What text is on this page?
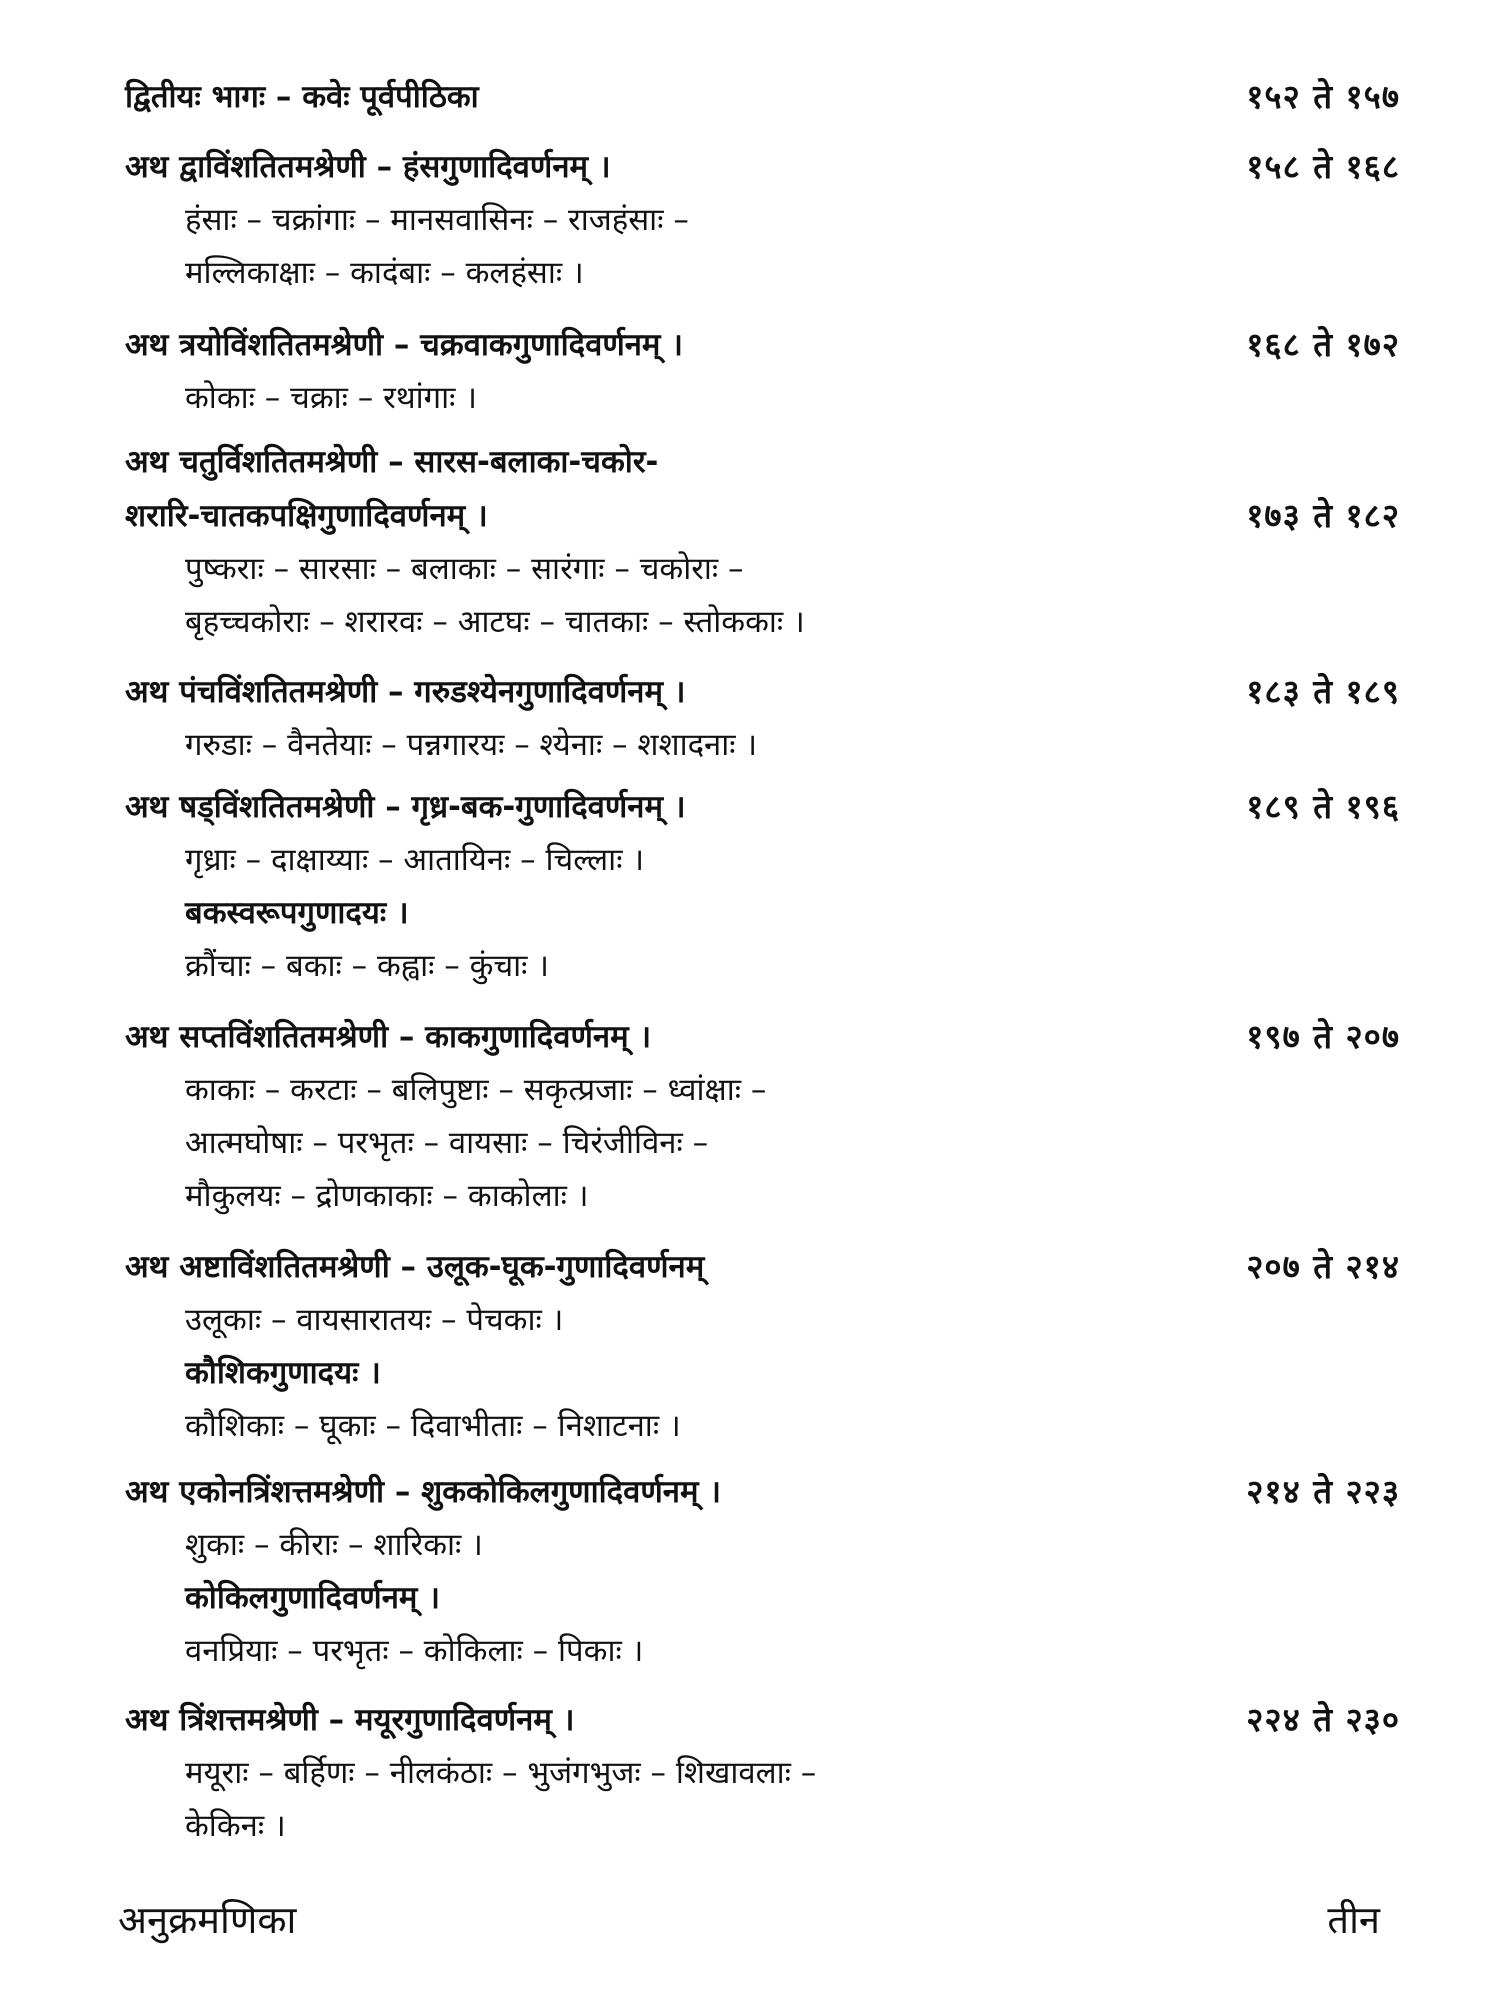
द्वितीयः भागः – कवेः पूर्वपीठिका	१५२ ते १५७
अथ द्वाविंशतितमश्रेणी – हंसगुणादिवर्णनम् ।	१५८ ते १६८
हंसाः – चक्रांगाः – मानसवासिनः – राजहंसाः –
मल्लिकाक्षाः – कादंबाः – कलहंसाः ।
अथ त्रयोविंशतितमश्रेणी – चक्रवाकगुणादिवर्णनम् ।	१६८ ते १७२
कोकाः – चक्राः – रथांगाः ।
अथ चतुर्विशतितमश्रेणी – सारस-बलाका-चकोर-
शरारि-चातकपक्षिगुणादिवर्णनम् ।	१७३ ते १८२
पुष्कराः – सारसाः – बलाकाः – सारंगाः – चकोराः –
बृहच्चकोराः – शरारवः – आटघः – चातकाः – स्तोककाः ।
अथ पंचविंशतितमश्रेणी – गरुडश्येनगुणादिवर्णनम् ।	१८३ ते १८९
गरुडाः – वैनतेयाः – पन्नगारयः – श्येनाः – शशादनाः ।
अथ षड्विंशतितमश्रेणी – गृध्र-बक-गुणादिवर्णनम् ।	१८९ ते १९६
गृध्राः – दाक्षाय्याः – आतायिनः – चिल्लाः ।
बकस्वरूपगुणादयः ।
क्रौंचाः – बकाः – कह्वाः – कुंचाः ।
अथ सप्तविंशतितमश्रेणी – काकगुणादिवर्णनम् ।	१९७ ते २०७
काकाः – करटाः – बलिपुष्टाः – सकृत्प्रजाः – ध्वांक्षाः –
आत्मघोषाः – परभृतः – वायसाः – चिरंजीविनः –
मौकुलयः – द्रोणकाकाः – काकोलाः ।
अथ अष्टाविंशतितमश्रेणी – उलूक-घूक-गुणादिवर्णनम्	२०७ ते २१४
उलूकाः – वायसारातयः – पेचकाः ।
कौशिकगुणादयः ।
कौशिकाः – घूकाः – दिवाभीताः – निशाटनाः ।
अथ एकोनत्रिंशत्तमश्रेणी – शुककोकिलगुणादिवर्णनम् ।	२१४ ते २२३
शुकाः – कीराः – शारिकाः ।
कोकिलगुणादिवर्णनम् ।
वनप्रियाः – परभृतः – कोकिलाः – पिकाः ।
अथ त्रिंशत्तमश्रेणी – मयूरगुणादिवर्णनम् ।	२२४ ते २३०
मयूराः – बर्हिणः – नीलकंठाः – भुजंगभुजः – शिखावलाः –
केकिनः ।
अनुक्रमणिका	तीन
